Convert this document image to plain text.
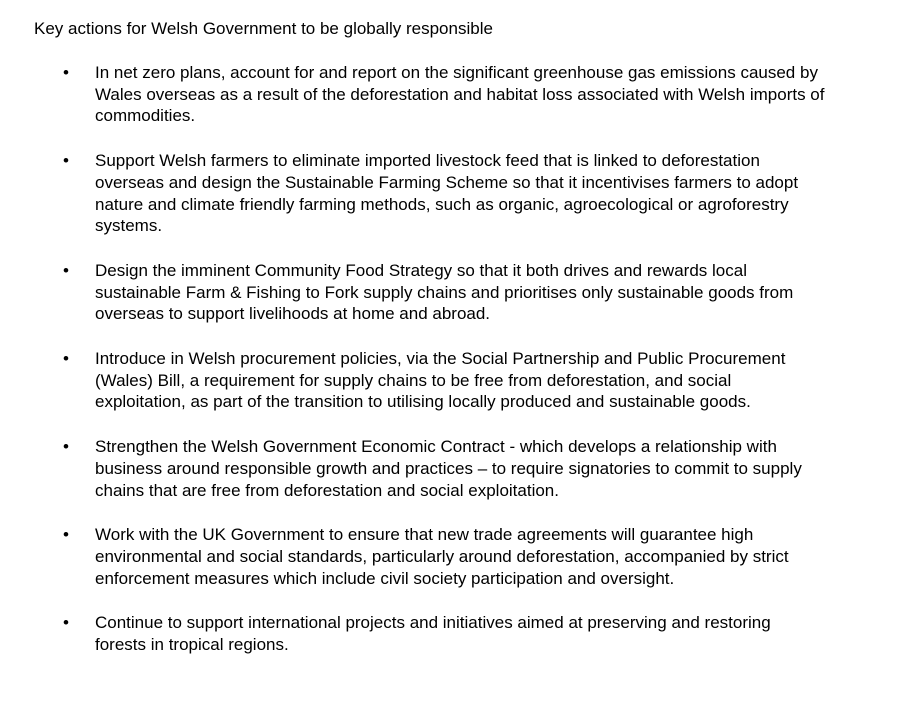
Key actions for Welsh Government to be globally responsible
• In net zero plans, account for and report on the significant greenhouse gas emissions caused by Wales overseas as a result of the deforestation and habitat loss associated with Welsh imports of commodities.
• Support Welsh farmers to eliminate imported livestock feed that is linked to deforestation overseas and design the Sustainable Farming Scheme so that it incentivises farmers to adopt nature and climate friendly farming methods, such as organic, agroecological or agroforestry systems.
• Design the imminent Community Food Strategy so that it both drives and rewards local sustainable Farm & Fishing to Fork supply chains and prioritises only sustainable goods from overseas to support livelihoods at home and abroad.
• Introduce in Welsh procurement policies, via the Social Partnership and Public Procurement (Wales) Bill, a requirement for supply chains to be free from deforestation, and social exploitation, as part of the transition to utilising locally produced and sustainable goods.
• Strengthen the Welsh Government Economic Contract - which develops a relationship with business around responsible growth and practices – to require signatories to commit to supply chains that are free from deforestation and social exploitation.
• Work with the UK Government to ensure that new trade agreements will guarantee high environmental and social standards, particularly around deforestation, accompanied by strict enforcement measures which include civil society participation and oversight.
• Continue to support international projects and initiatives aimed at preserving and restoring forests in tropical regions.
